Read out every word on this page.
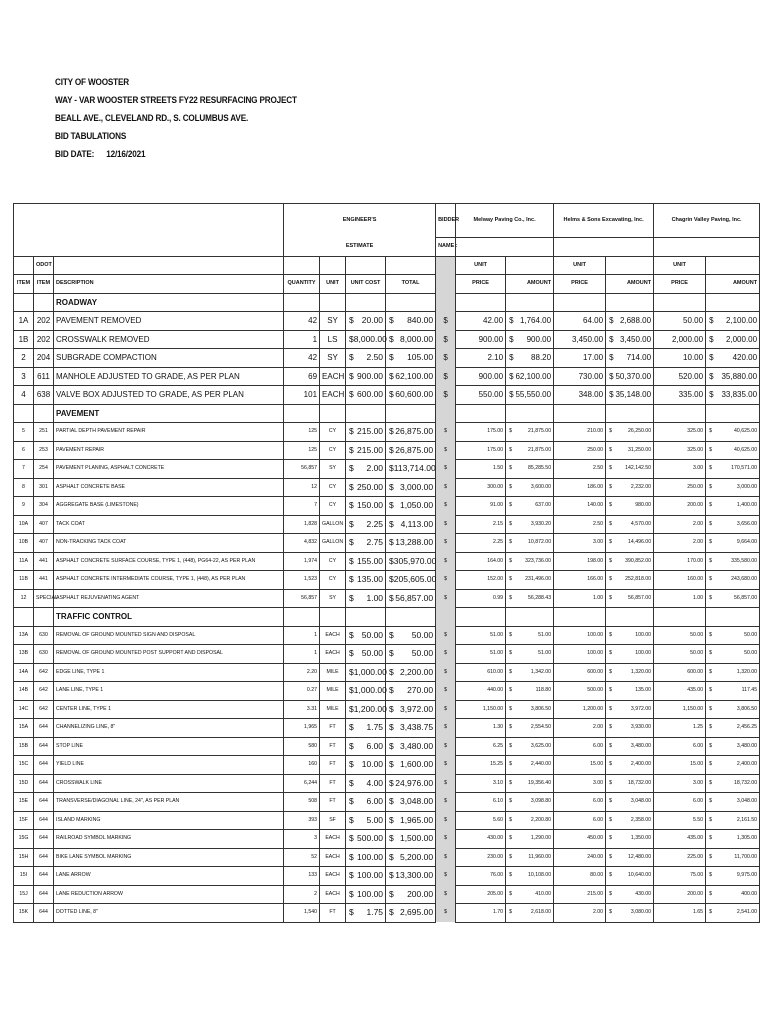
CITY OF WOOSTER
WAY - VAR WOOSTER STREETS FY22 RESURFACING PROJECT
BEALL AVE., CLEVELAND RD., S. COLUMBUS AVE.
BID TABULATIONS
BID DATE: 12/16/2021
			ENGINEER'S				BIDDER	Melway Paving Co., Inc.		Helms & Sons Excavating, Inc.		Chagrin Valley Paving, Inc.	
			ESTIMATE				NAME :						
	ODOT							UNIT		UNIT		UNIT	
ITEM	ITEM	DESCRIPTION	QUANTITY	UNIT	UNIT COST	TOTAL		PRICE	AMOUNT	PRICE	AMOUNT	PRICE	AMOUNT
		ROADWAY											
1A	202	PAVEMENT REMOVED	42	SY	$ 20.00	$ 840.00	$	42.00	$ 1,764.00	64.00	$ 2,688.00	50.00	$ 2,100.00

1B	202	CROSSWALK REMOVED	1	LS	$ 8,000.00	$ 8,000.00	$	900.00	$ 900.00	3,450.00	$ 3,450.00	2,000.00	$ 2,000.00

2	204	SUBGRADE COMPACTION	42	SY	$ 2.50	$ 105.00	$	2.10	$ 88.20	17.00	$ 714.00	10.00	$ 420.00

3	611	MANHOLE ADJUSTED TO GRADE, AS PER PLAN	69	EACH	$ 900.00	$ 62,100.00	$	900.00	$ 62,100.00	730.00	$ 50,370.00	520.00	$ 35,880.00

4	638	VALVE BOX ADJUSTED TO GRADE, AS PER PLAN	101	EACH	$ 600.00	$ 60,600.00	$	550.00	$ 55,550.00	348.00	$ 35,148.00	335.00	$ 33,835.00

		PAVEMENT											
5	251	PARTIAL DEPTH PAVEMENT REPAIR	125	CY	$ 215.00	$ 26,875.00	$	175.00	$ 21,875.00	210.00	$ 26,250.00	325.00	$ 40,625.00

6	253	PAVEMENT REPAIR	125	CY	$ 215.00	$ 26,875.00	$	175.00	$ 21,875.00	250.00	$ 31,250.00	325.00	$ 40,625.00

7	254	PAVEMENT PLANING, ASPHALT CONCRETE	56,857	SY	$ 2.00	$ 113,714.00	$	1.50	$ 85,285.50	2.50	$ 142,142.50	3.00	$ 170,571.00

8	301	ASPHALT CONCRETE BASE	12	CY	$ 250.00	$ 3,000.00	$	300.00	$ 3,600.00	186.00	$ 2,232.00	250.00	$ 3,000.00

9	304	AGGREGATE BASE (LIMESTONE)	7	CY	$ 150.00	$ 1,050.00	$	91.00	$ 637.00	140.00	$ 980.00	200.00	$ 1,400.00

10A	407	TACK COAT	1,828	GALLON	$ 2.25	$ 4,113.00	$	2.15	$ 3,930.20	2.50	$ 4,570.00	2.00	$ 3,656.00

10B	407	NON-TRACKING TACK COAT	4,832	GALLON	$ 2.75	$ 13,288.00	$	2.25	$ 10,872.00	3.00	$ 14,496.00	2.00	$ 9,664.00

11A	441	ASPHALT CONCRETE SURFACE COURSE, TYPE 1, (448), PG64-22, AS PER PLAN	1,974	CY	$ 155.00	$ 305,970.00	$	164.00	$ 323,736.00	198.00	$ 390,852.00	170.00	$ 335,580.00

11B	441	ASPHALT CONCRETE INTERMEDIATE COURSE, TYPE 1, (448), AS PER PLAN	1,523	CY	$ 135.00	$ 205,605.00	$	152.00	$ 231,496.00	166.00	$ 252,818.00	160.00	$ 243,680.00

12	SPECIAL	ASPHALT REJUVENATING AGENT	56,857	SY	$ 1.00	$ 56,857.00	$	0.99	$ 56,288.43	1.00	$ 56,857.00	1.00	$ 56,857.00

		TRAFFIC CONTROL											
13A	630	REMOVAL OF GROUND MOUNTED SIGN AND DISPOSAL	1	EACH	$ 50.00	$ 50.00	$	51.00	$ 51.00	100.00	$ 100.00	50.00	$ 50.00

13B	630	REMOVAL OF GROUND MOUNTED POST SUPPORT AND DISPOSAL	1	EACH	$ 50.00	$ 50.00	$	51.00	$ 51.00	100.00	$ 100.00	50.00	$ 50.00

14A	642	EDGE LINE, TYPE 1	2.20	MILE	$ 1,000.00	$ 2,200.00	$	610.00	$ 1,342.00	600.00	$ 1,320.00	600.00	$ 1,320.00

14B	642	LANE LINE, TYPE 1	0.27	MILE	$ 1,000.00	$ 270.00	$	440.00	$ 118.80	500.00	$ 135.00	435.00	$ 117.45

14C	642	CENTER LINE, TYPE 1	3.31	MILE	$ 1,200.00	$ 3,972.00	$	1,150.00	$ 3,806.50	1,200.00	$ 3,972.00	1,150.00	$ 3,806.50

15A	644	CHANNELIZING LINE, 8"	1,965	FT	$ 1.75	$ 3,438.75	$	1.30	$ 2,554.50	2.00	$ 3,930.00	1.25	$ 2,456.25

15B	644	STOP LINE	580	FT	$ 6.00	$ 3,480.00	$	6.25	$ 3,625.00	6.00	$ 3,480.00	6.00	$ 3,480.00

15C	644	YIELD LINE	160	FT	$ 10.00	$ 1,600.00	$	15.25	$ 2,440.00	15.00	$ 2,400.00	15.00	$ 2,400.00

15D	644	CROSSWALK LINE	6,244	FT	$ 4.00	$ 24,976.00	$	3.10	$ 19,356.40	3.00	$ 18,732.00	3.00	$ 18,732.00

15E	644	TRANSVERSE/DIAGONAL LINE, 24", AS PER PLAN	508	FT	$ 6.00	$ 3,048.00	$	6.10	$ 3,098.80	6.00	$ 3,048.00	6.00	$ 3,048.00

15F	644	ISLAND MARKING	393	SF	$ 5.00	$ 1,965.00	$	5.60	$ 2,200.80	6.00	$ 2,358.00	5.50	$ 2,161.50

15G	644	RAILROAD SYMBOL MARKING	3	EACH	$ 500.00	$ 1,500.00	$	430.00	$ 1,290.00	450.00	$ 1,350.00	435.00	$ 1,305.00

15H	644	BIKE LANE SYMBOL MARKING	52	EACH	$ 100.00	$ 5,200.00	$	230.00	$ 11,960.00	240.00	$ 12,480.00	225.00	$ 11,700.00

15I	644	LANE ARROW	133	EACH	$ 100.00	$ 13,300.00	$	76.00	$ 10,108.00	80.00	$ 10,640.00	75.00	$ 9,975.00

15J	644	LANE REDUCTION ARROW	2	EACH	$ 100.00	$ 200.00	$	205.00	$ 410.00	215.00	$ 430.00	200.00	$ 400.00

15K	644	DOTTED LINE, 8"	1,540	FT	$ 1.75	$ 2,695.00	$	1.70	$ 2,618.00	2.00	$ 3,080.00	1.65	$ 2,541.00
